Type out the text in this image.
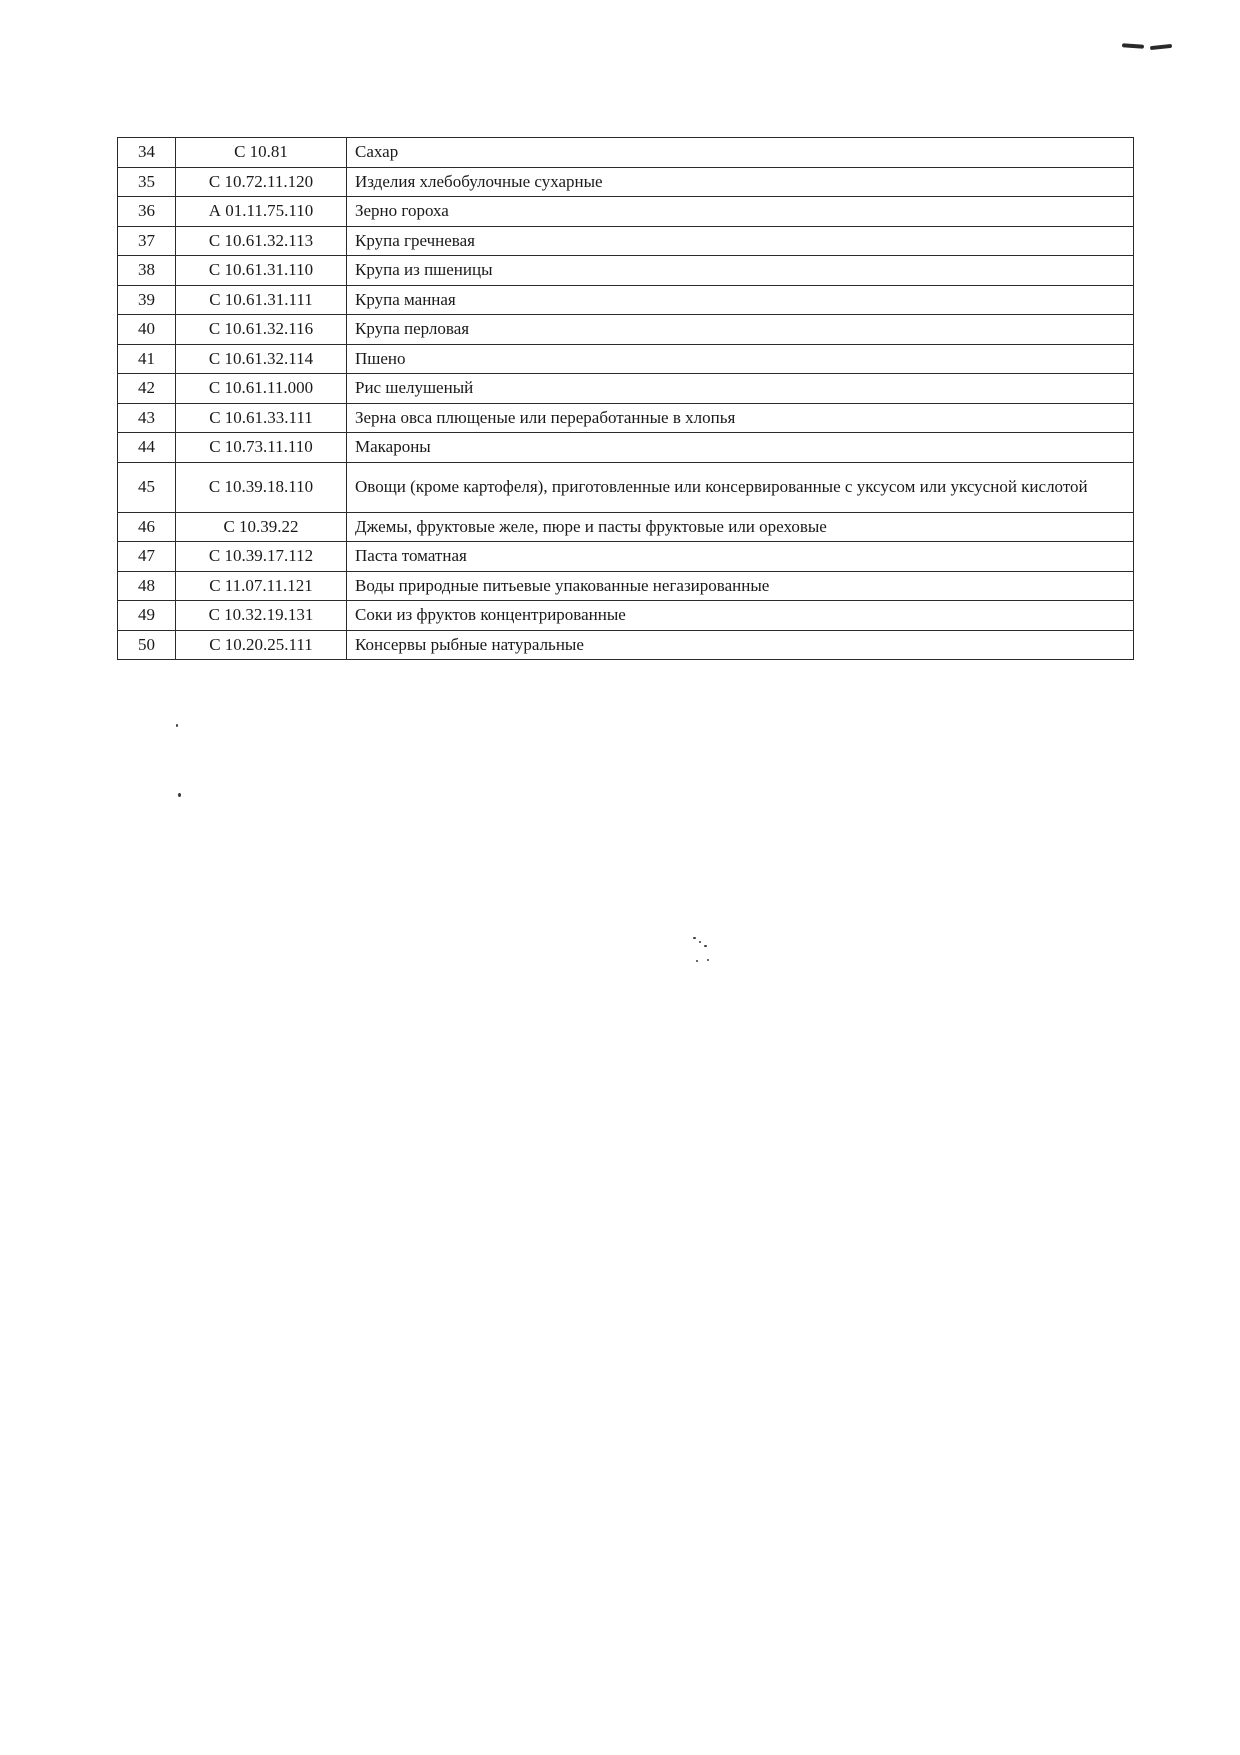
34	С 10.81	Сахар
35	С 10.72.11.120	Изделия хлебобулочные сухарные
36	А 01.11.75.110	Зерно гороха
37	С 10.61.32.113	Крупа гречневая
38	С 10.61.31.110	Крупа из пшеницы
39	С 10.61.31.111	Крупа манная
40	С 10.61.32.116	Крупа перловая
41	С 10.61.32.114	Пшено
42	С 10.61.11.000	Рис шелушеный
43	С 10.61.33.111	Зерна овса плющеные или переработанные в хлопья
44	С 10.73.11.110	Макароны
45	С 10.39.18.110	Овощи (кроме картофеля), приготовленные или консервированные с уксусом или уксусной кислотой
46	С 10.39.22	Джемы, фруктовые желе, пюре и пасты фруктовые или ореховые
47	С 10.39.17.112	Паста томатная
48	С 11.07.11.121	Воды природные питьевые упакованные негазированные
49	С 10.32.19.131	Соки из фруктов концентрированные
50	С 10.20.25.111	Консервы рыбные натуральные
